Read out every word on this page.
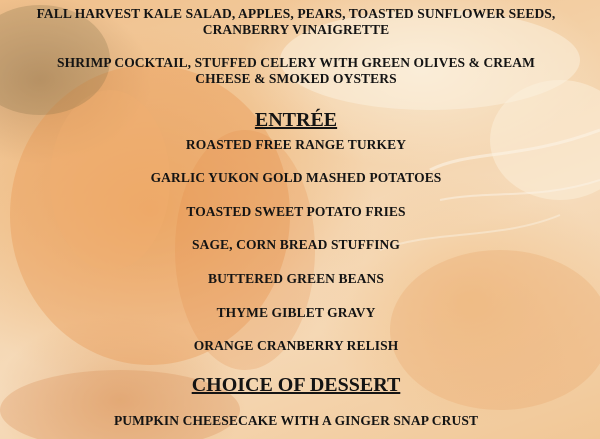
FALL HARVEST KALE SALAD, APPLES, PEARS, TOASTED SUNFLOWER SEEDS,
CRANBERRY VINAIGRETTE
SHRIMP COCKTAIL, STUFFED CELERY WITH GREEN OLIVES & CREAM
CHEESE & SMOKED OYSTERS
ENTRÉE
ROASTED FREE RANGE TURKEY
GARLIC YUKON GOLD MASHED POTATOES
TOASTED SWEET POTATO FRIES
SAGE, CORN BREAD STUFFING
BUTTERED GREEN BEANS
THYME GIBLET GRAVY
ORANGE CRANBERRY RELISH
CHOICE OF DESSERT
PUMPKIN CHEESECAKE WITH A GINGER SNAP CRUST
